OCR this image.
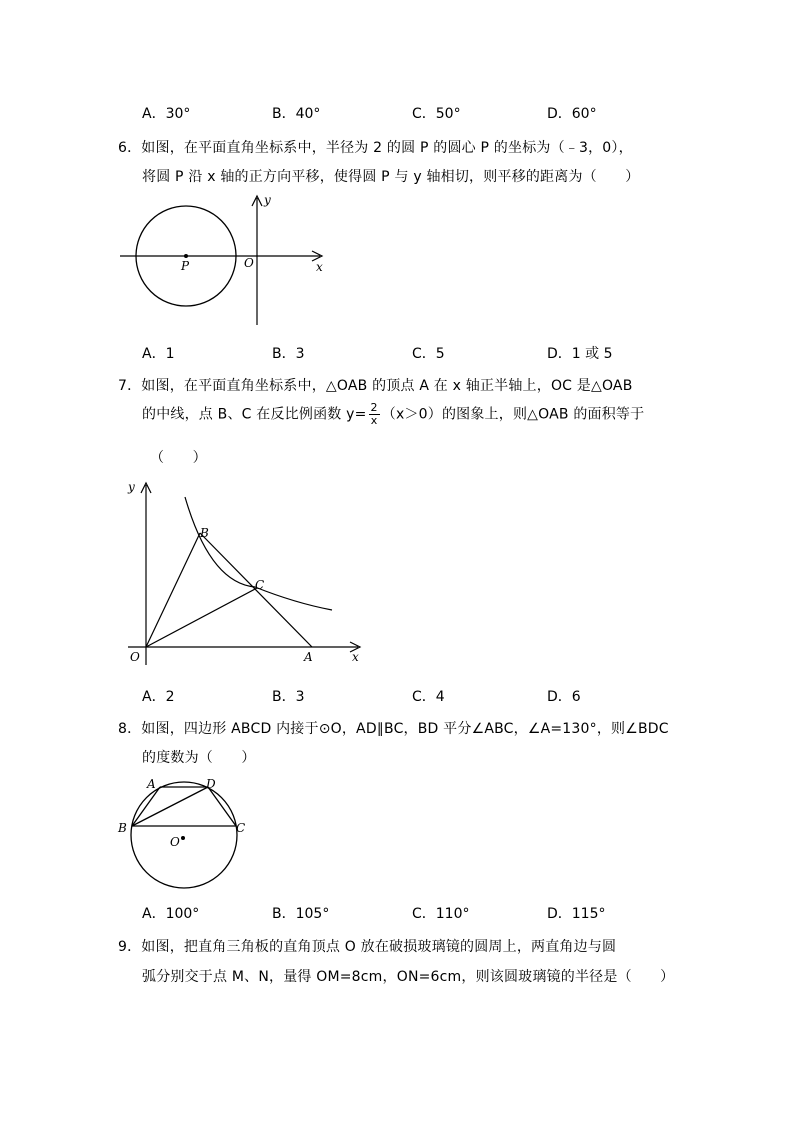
A．30°	B．40°	C．50°	D．60°
6．如图，在平面直角坐标系中，半径为 2 的圆 P 的圆心 P 的坐标为（﹣3，0），
将圆 P 沿 x 轴的正方向平移，使得圆 P 与 y 轴相切，则平移的距离为（　　）
P	O	x
y
A．1	B．3	C．5	D．1 或 5
7．如图，在平面直角坐标系中，△OAB 的顶点 A 在 x 轴正半轴上，OC 是△OAB
的中线，点 B、C 在反比例函数 $y= \frac{2}{x} (x>0)$的图象上，则△OAB 的面积等于
（　　）
O	A
B
C
x
y
A．2	B．3	C．4	D．6
8．如图，四边形 ABCD 内接于⊙O，AD∥BC，BD 平分∠ABC，∠A=130°，则∠BDC
的度数为（　　）
A	D
B	C
O
A．100°	B．105°	C．110°	D．115°
9．如图，把直角三角板的直角顶点 O 放在破损玻璃镜的圆周上，两直角边与圆
弧分别交于点 M、N，量得 OM=8cm，ON=6cm，则该圆玻璃镜的半径是（　　）
